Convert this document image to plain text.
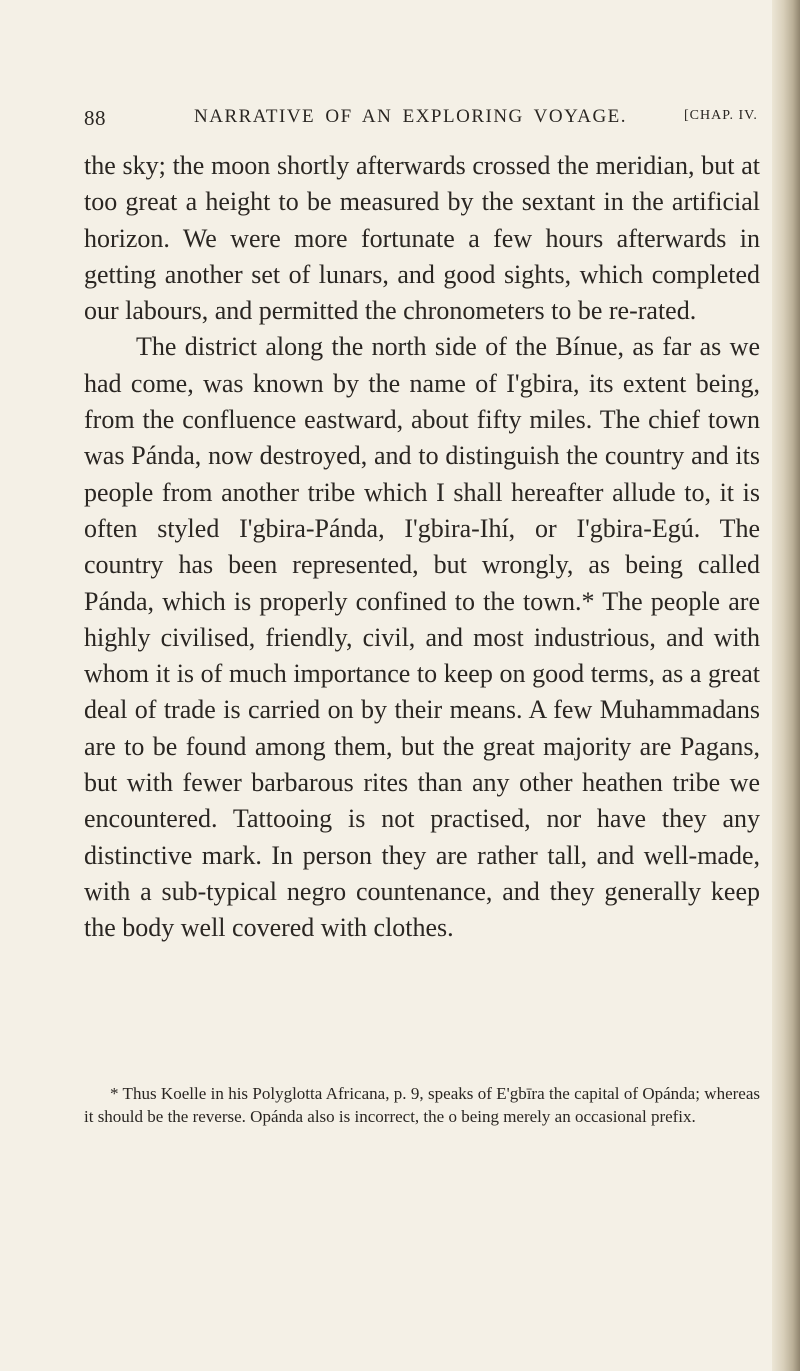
88	NARRATIVE OF AN EXPLORING VOYAGE.	[CHAP. IV.

the sky; the moon shortly afterwards crossed the meridian, but at too great a height to be measured by the sextant in the artificial horizon. We were more fortunate a few hours afterwards in getting another set of lunars, and good sights, which completed our labours, and permitted the chronometers to be re-rated.

The district along the north side of the Bínue, as far as we had come, was known by the name of I'gbira, its extent being, from the confluence eastward, about fifty miles. The chief town was Pánda, now destroyed, and to distinguish the country and its people from another tribe which I shall hereafter allude to, it is often styled I'gbira-Pánda, I'gbira-Ihí, or I'gbira-Egú. The country has been represented, but wrongly, as being called Pánda, which is properly confined to the town.* The people are highly civilised, friendly, civil, and most industrious, and with whom it is of much importance to keep on good terms, as a great deal of trade is carried on by their means. A few Muhammadans are to be found among them, but the great majority are Pagans, but with fewer barbarous rites than any other heathen tribe we encountered. Tattooing is not practised, nor have they any distinctive mark. In person they are rather tall, and well-made, with a sub-typical negro countenance, and they generally keep the body well covered with clothes.

* Thus Koelle in his Polyglotta Africana, p. 9, speaks of E'gbīra the capital of Opánda; whereas it should be the reverse. Opánda also is incorrect, the o being merely an occasional prefix.
